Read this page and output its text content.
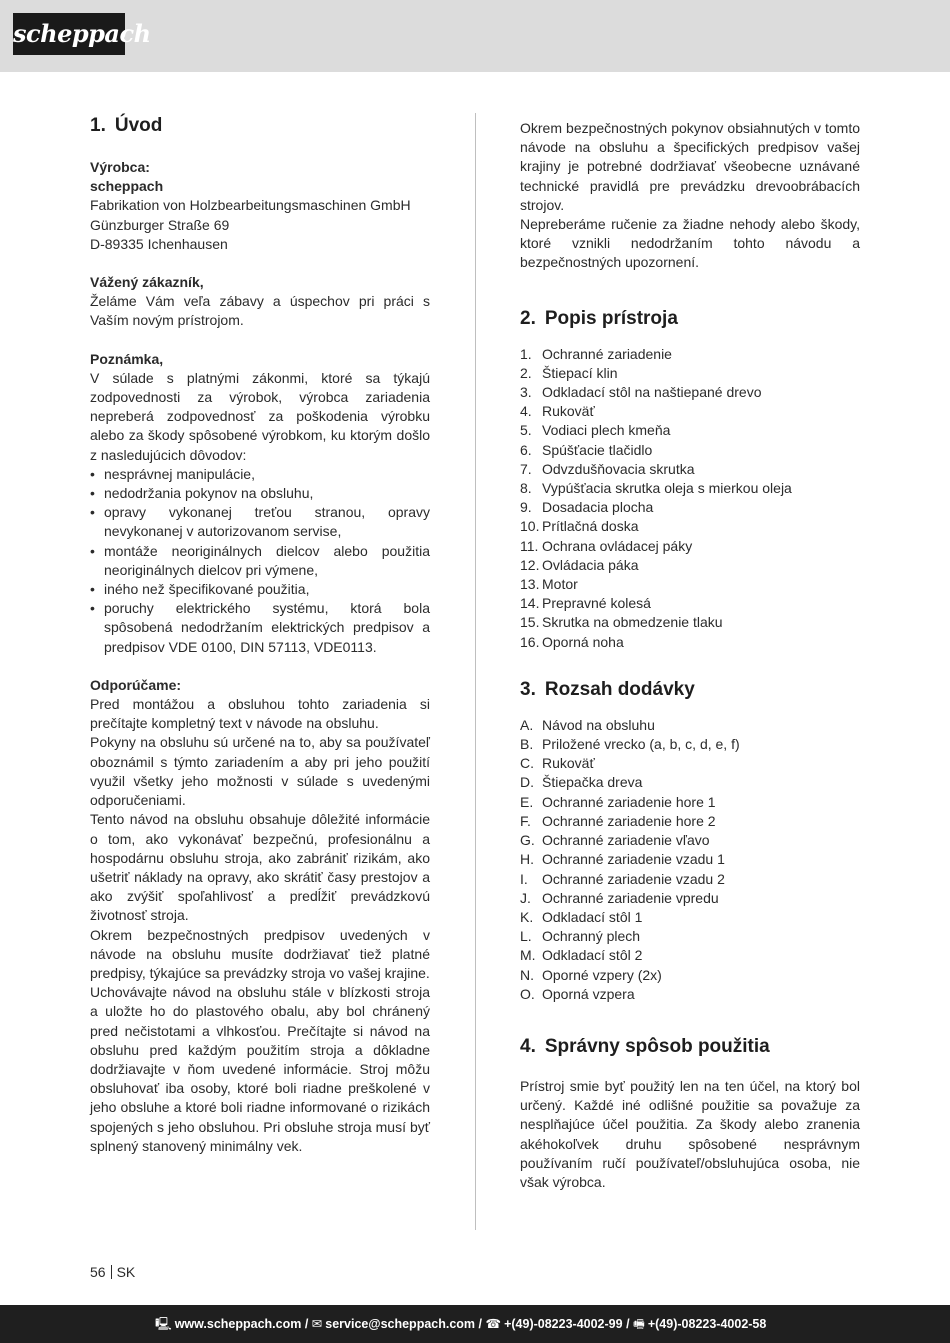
scheppach
1. Úvod

Výrobca:

scheppach

Fabrikation von Holzbearbeitungsmaschinen GmbH

Günzburger Straße 69

D-89335 Ichenhausen

Vážený zákazník,

Želáme Vám veľa zábavy a úspechov pri práci s Vaším novým prístrojom.

Poznámka,

V súlade s platnými zákonmi, ktoré sa týkajú zodpovednosti za výrobok, výrobca zariadenia nepreberá zodpovednosť za poškodenia výrobku alebo za škody spôsobené výrobkom, ku ktorým došlo z nasledujúcich dôvodov:

• nesprávnej manipulácie,
• nedodržania pokynov na obsluhu,
• opravy vykonanej treťou stranou, opravy nevykonanej v autorizovanom servise,
• montáže neoriginálnych dielcov alebo použitia neoriginálnych dielcov pri výmene,
• iného než špecifikované použitia,
• poruchy elektrického systému, ktorá bola spôsobená nedodržaním elektrických predpisov a predpisov VDE 0100, DIN 57113, VDE0113.

Odporúčame:

Pred montážou a obsluhou tohto zariadenia si prečítajte kompletný text v návode na obsluhu.

Pokyny na obsluhu sú určené na to, aby sa používateľ oboznámil s týmto zariadením a aby pri jeho použití využil všetky jeho možnosti v súlade s uvedenými odporučeniami.

Tento návod na obsluhu obsahuje dôležité informácie o tom, ako vykonávať bezpečnú, profesionálnu a hospodárnu obsluhu stroja, ako zabrániť rizikám, ako ušetriť náklady na opravy, ako skrátiť časy prestojov a ako zvýšiť spoľahlivosť a predĺžiť prevádzkovú životnosť stroja.

Okrem bezpečnostných predpisov uvedených v návode na obsluhu musíte dodržiavať tiež platné predpisy, týkajúce sa prevádzky stroja vo vašej krajine.

Uchovávajte návod na obsluhu stále v blízkosti stroja a uložte ho do plastového obalu, aby bol chránený pred nečistotami a vlhkosťou. Prečítajte si návod na obsluhu pred každým použitím stroja a dôkladne dodržiavajte v ňom uvedené informácie. Stroj môžu obsluhovať iba osoby, ktoré boli riadne preškolené v jeho obsluhe a ktoré boli riadne informované o rizikách spojených s jeho obsluhou. Pri obsluhe stroja musí byť splnený stanovený minimálny vek.

Okrem bezpečnostných pokynov obsiahnutých v tomto návode na obsluhu a špecifických predpisov vašej krajiny je potrebné dodržiavať všeobecne uznávané technické pravidlá pre prevádzku drevoobrábacích strojov.

Nepreberáme ručenie za žiadne nehody alebo škody, ktoré vznikli nedodržaním tohto návodu a bezpečnostných upozornení.

2. Popis prístroja
1. Ochranné zariadenie
2. Štiepací klin
3. Odkladací stôl na naštiepané drevo
4. Rukoväť
5. Vodiaci plech kmeňa
6. Spúšťacie tlačidlo
7. Odvzdušňovacia skrutka
8. Vypúšťacia skrutka oleja s mierkou oleja
9. Dosadacia plocha
10. Prítlačná doska
11. Ochrana ovládacej páky
12. Ovládacia páka
13. Motor
14. Prepravné kolesá
15. Skrutka na obmedzenie tlaku
16. Oporná noha
3. Rozsah dodávky
A. Návod na obsluhu
B. Priložené vrecko (a, b, c, d, e, f)
C. Rukoväť
D. Štiepačka dreva
E. Ochranné zariadenie hore 1
F. Ochranné zariadenie hore 2
G. Ochranné zariadenie vľavo
H. Ochranné zariadenie vzadu 1
I.	Ochranné zariadenie vzadu 2
J. Ochranné zariadenie vpredu
K. Odkladací stôl 1
L. Ochranný plech
M. Odkladací stôl 2
N. Oporné vzpery (2x)
O. Oporná vzpera
4. Správny spôsob použitia

Prístroj smie byť použitý len na ten účel, na ktorý bol určený. Každé iné odlišné použitie sa považuje za nesplňajúce účel použitia. Za škody alebo zranenia akéhokoľvek druhu spôsobené nesprávnym používaním ručí používateľ/obsluhujúca osoba, nie však výrobca.

56 SK
🖳 www.scheppach.com / ✉ service@scheppach.com / ☎ +(49)-08223-4002-99 / 🖷 +(49)-08223-4002-58
